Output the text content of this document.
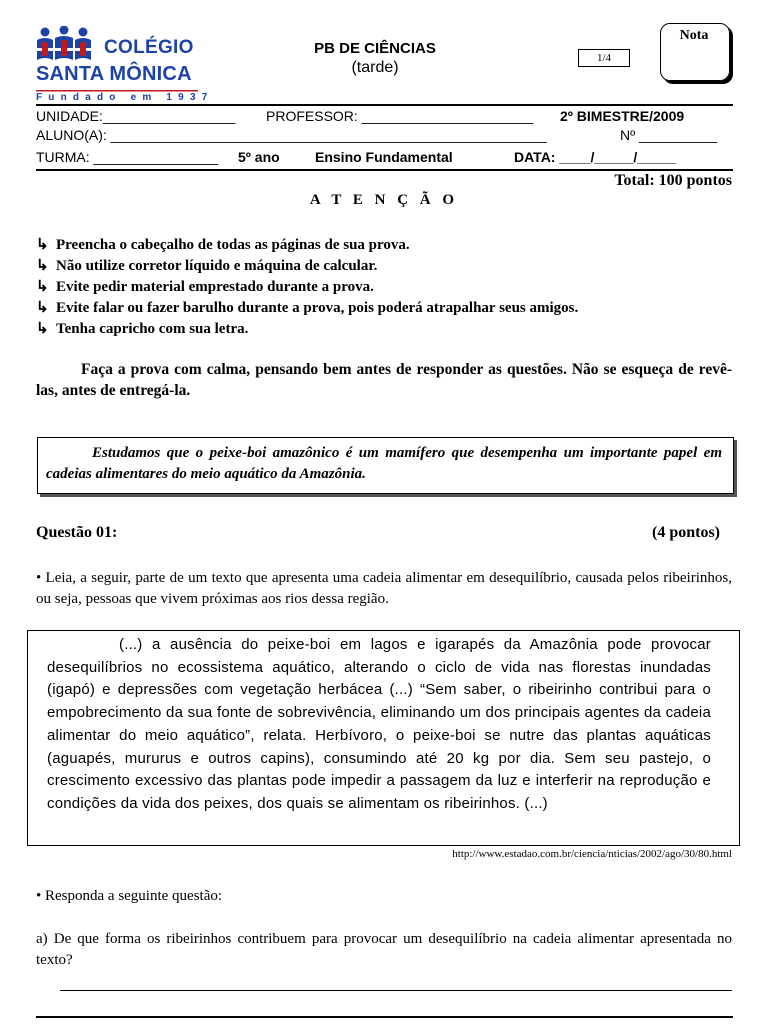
COLÉGIO
SANTA MÔNICA
Fundado em 1937
PB DE CIÊNCIAS
(tarde)
1/4
Nota
UNIDADE:_________________ PROFESSOR: ______________________ 2º BIMESTRE/2009
ALUNO(A): ________________________________________________________	Nº __________
TURMA: ________________ 5º ano	Ensino Fundamental	DATA: ____/_____/_____
Total: 100 pontos
A T E N Ç Ã O
↳ Preencha o cabeçalho de todas as páginas de sua prova.
↳ Não utilize corretor líquido e máquina de calcular.
↳ Evite pedir material emprestado durante a prova.
↳ Evite falar ou fazer barulho durante a prova, pois poderá atrapalhar seus amigos.
↳ Tenha capricho com sua letra.
Faça a prova com calma, pensando bem antes de responder as questões. Não se esqueça de revê-las, antes de entregá-la.
Estudamos que o peixe-boi amazônico é um mamífero que desempenha um importante papel em cadeias alimentares do meio aquático da Amazônia.
Questão 01:	(4 pontos)
• Leia, a seguir, parte de um texto que apresenta uma cadeia alimentar em desequilíbrio, causada pelos ribeirinhos, ou seja, pessoas que vivem próximas aos rios dessa região.
(...) a ausência do peixe-boi em lagos e igarapés da Amazônia pode provocar desequilíbrios no ecossistema aquático, alterando o ciclo de vida nas florestas inundadas (igapó) e depressões com vegetação herbácea (...) “Sem saber, o ribeirinho contribui para o empobrecimento da sua fonte de sobrevivência, eliminando um dos principais agentes da cadeia alimentar do meio aquático”, relata. Herbívoro, o peixe-boi se nutre das plantas aquáticas (aguapés, mururus e outros capins), consumindo até 20 kg por dia. Sem seu pastejo, o crescimento excessivo das plantas pode impedir a passagem da luz e interferir na reprodução e condições da vida dos peixes, dos quais se alimentam os ribeirinhos. (...)
http://www.estadao.com.br/ciencia/nticias/2002/ago/30/80.html
• Responda a seguinte questão:
a) De que forma os ribeirinhos contribuem para provocar um desequilíbrio na cadeia alimentar apresentada no texto?
